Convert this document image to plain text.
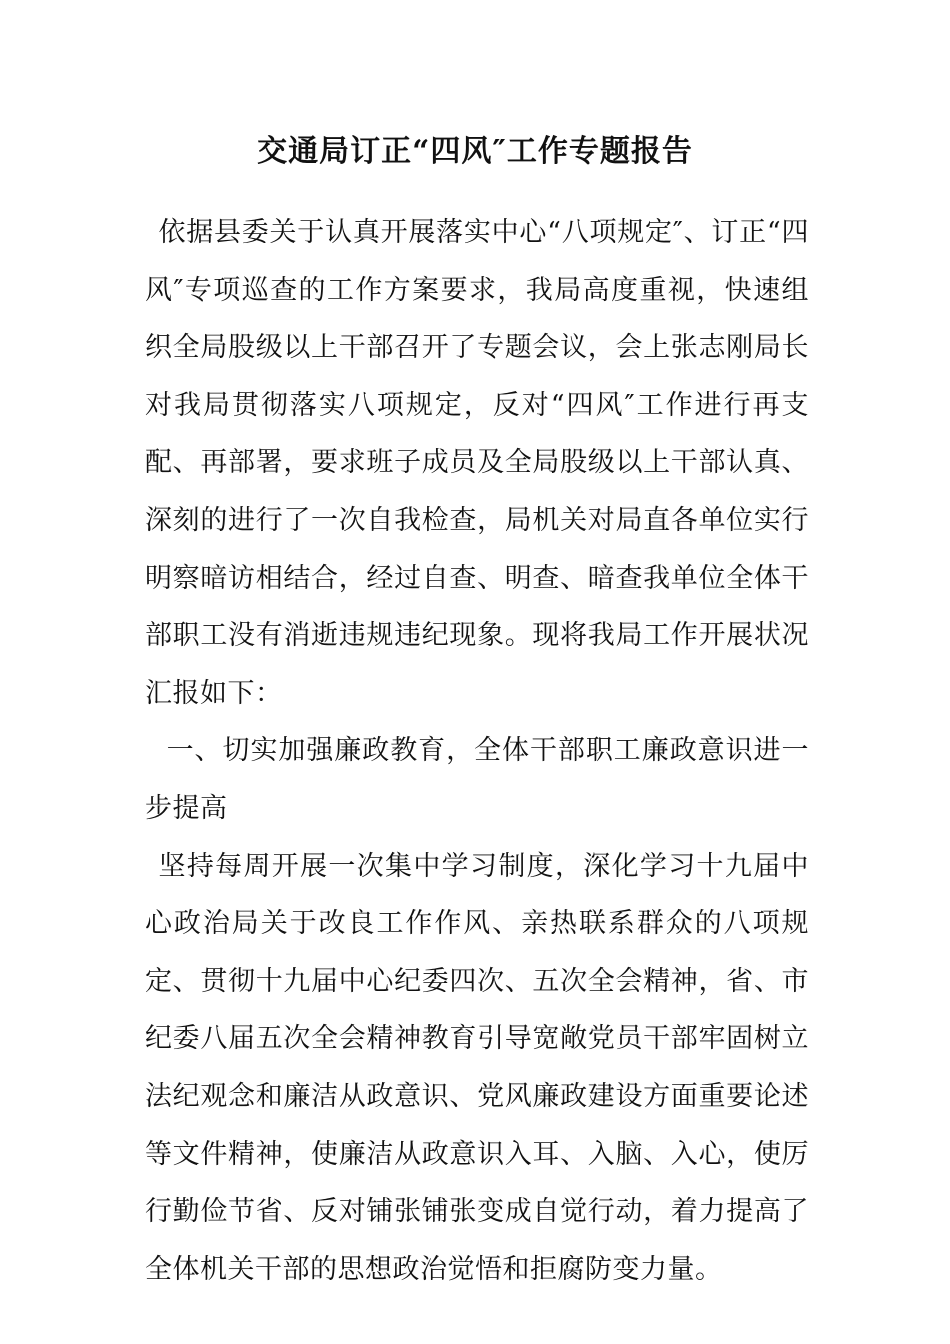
交通局订正“四风″工作专题报告

依据县委关于认真开展落实中心“八项规定″、订正“四风″专项巡查的工作方案要求，我局高度重视，快速组织全局股级以上干部召开了专题会议，会上张志刚局长对我局贯彻落实八项规定，反对“四风″工作进行再支配、再部署，要求班子成员及全局股级以上干部认真、深刻的进行了一次自我检查，局机关对局直各单位实行明察暗访相结合，经过自查、明查、暗查我单位全体干部职工没有消逝违规违纪现象。现将我局工作开展状况汇报如下：

一、切实加强廉政教育，全体干部职工廉政意识进一步提高

坚持每周开展一次集中学习制度，深化学习十九届中心政治局关于改良工作作风、亲热联系群众的八项规定、贯彻十九届中心纪委四次、五次全会精神，省、市纪委八届五次全会精神教育引导宽敞党员干部牢固树立法纪观念和廉洁从政意识、党风廉政建设方面重要论述等文件精神，使廉洁从政意识入耳、入脑、入心，使厉行勤俭节省、反对铺张铺张变成自觉行动，着力提高了全体机关干部的思想政治觉悟和拒腐防变力量。
